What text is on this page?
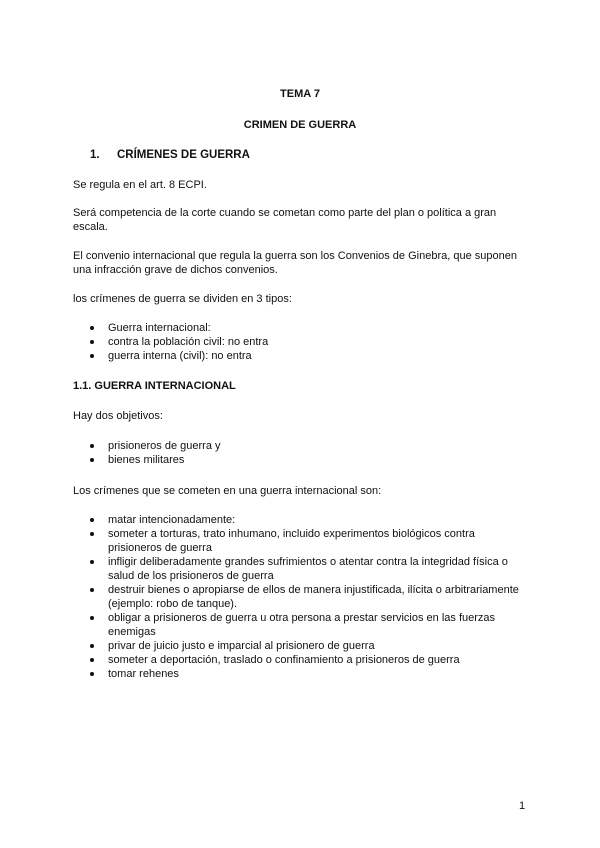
TEMA 7

CRIMEN DE GUERRA

1. CRÍMENES DE GUERRA

Se regula en el art. 8 ECPI.

Será competencia de la corte cuando se cometan como parte del plan o política a gran

escala.

El convenio internacional que regula la guerra son los Convenios de Ginebra, que suponen

una infracción grave de dichos convenios.

los crímenes de guerra se dividen en 3 tipos:

Guerra internacional:
contra la población civil: no entra
guerra interna (civil): no entra

1.1. GUERRA INTERNACIONAL

Hay dos objetivos:

prisioneros de guerra y
bienes militares

Los crímenes que se cometen en una guerra internacional son:

matar intencionadamente:
someter a torturas, trato inhumano, incluido experimentos biológicos contra
prisioneros de guerra
infligir deliberadamente grandes sufrimientos o atentar contra la integridad física o
salud de los prisioneros de guerra
destruir bienes o apropiarse de ellos de manera injustificada, ilícita o arbitrariamente
(ejemplo: robo de tanque).
obligar a prisioneros de guerra u otra persona a prestar servicios en las fuerzas
enemigas
privar de juicio justo e imparcial al prisionero de guerra
someter a deportación, traslado o confinamiento a prisioneros de guerra
tomar rehenes

1
